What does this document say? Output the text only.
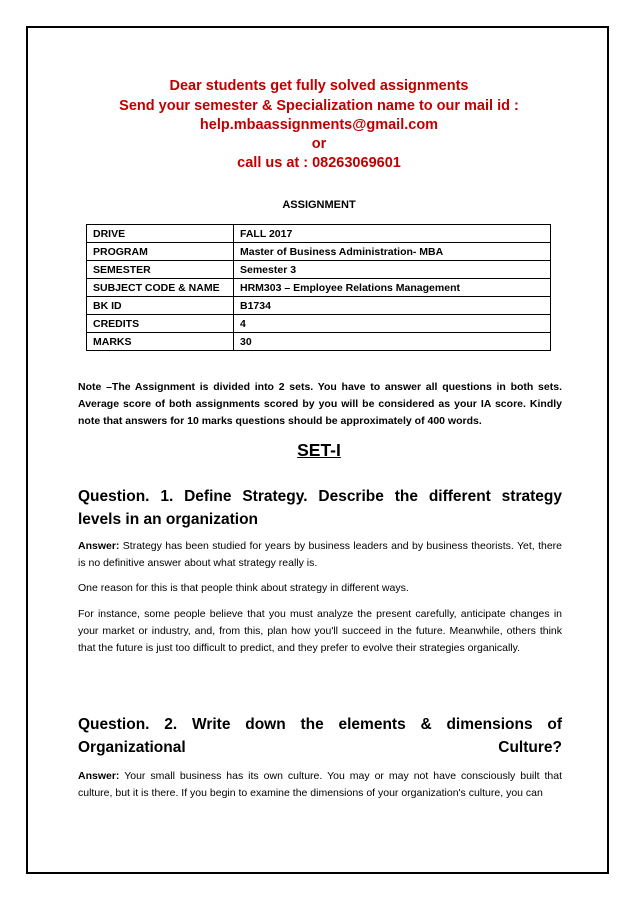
Dear students get fully solved assignments
Send your semester & Specialization name to our mail id :
help.mbaassignments@gmail.com
or
call us at : 08263069601
ASSIGNMENT
DRIVE	FALL 2017
PROGRAM	Master of Business Administration- MBA
SEMESTER	Semester 3
SUBJECT CODE & NAME	HRM303 – Employee Relations Management
BK ID	B1734
CREDITS	4
MARKS	30
Note –The Assignment is divided into 2 sets. You have to answer all questions in both sets. Average score of both assignments scored by you will be considered as your IA score. Kindly note that answers for 10 marks questions should be approximately of 400 words.
SET-I
Question. 1. Define Strategy. Describe the different strategy levels in an organization
Answer: Strategy has been studied for years by business leaders and by business theorists. Yet, there is no definitive answer about what strategy really is.
One reason for this is that people think about strategy in different ways.
For instance, some people believe that you must analyze the present carefully, anticipate changes in your market or industry, and, from this, plan how you'll succeed in the future. Meanwhile, others think that the future is just too difficult to predict, and they prefer to evolve their strategies organically.
Question. 2. Write down the elements & dimensions of Organizational Culture?
Answer: Your small business has its own culture. You may or may not have consciously built that culture, but it is there. If you begin to examine the dimensions of your organization's culture, you can
